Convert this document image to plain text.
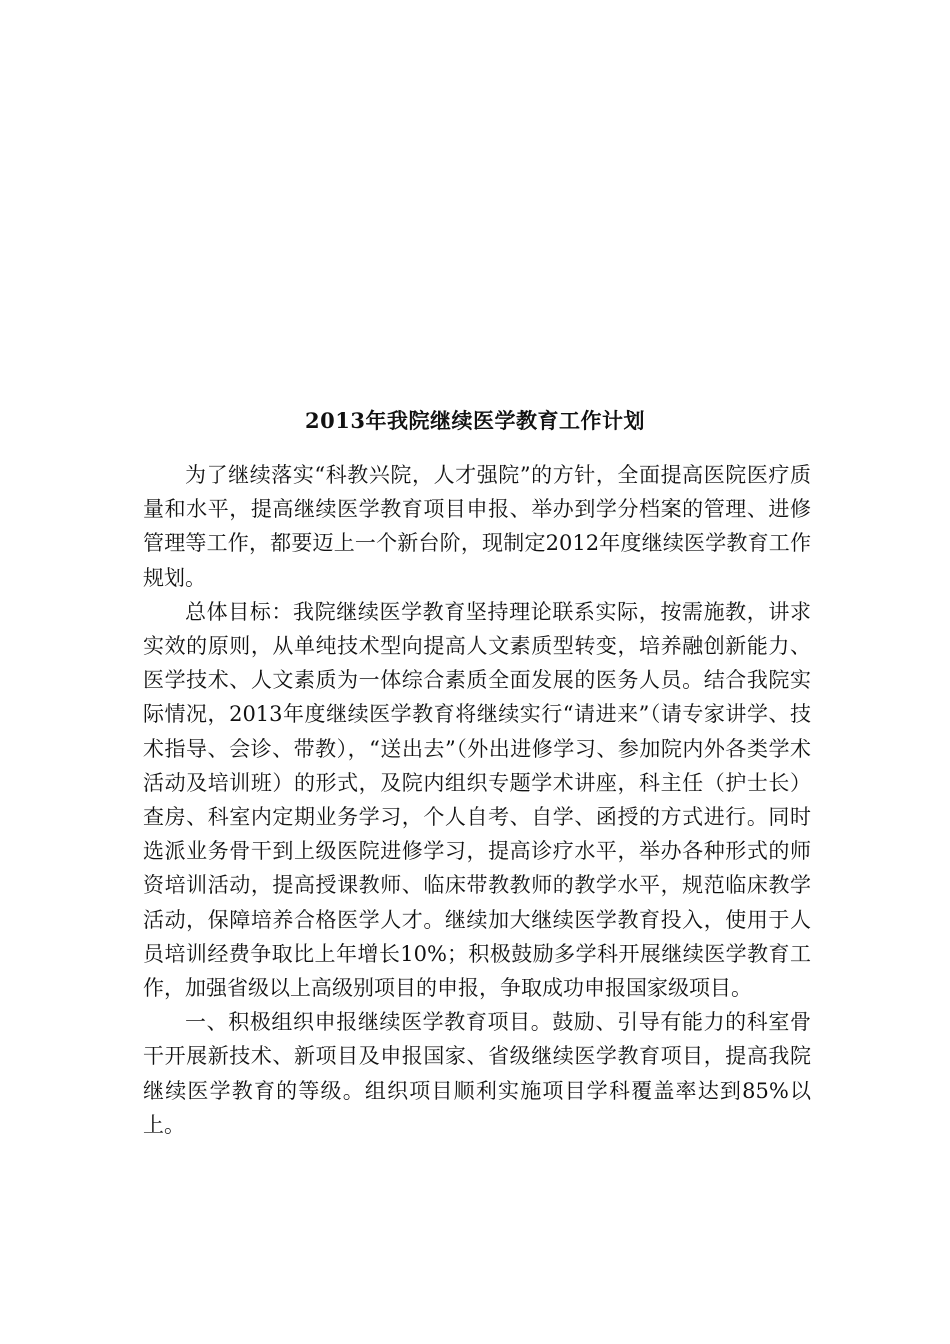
2013年我院继续医学教育工作计划

为了继续落实“科教兴院，人才强院”的方针，全面提高医院医疗质量和水平，提高继续医学教育项目申报、举办到学分档案的管理、进修管理等工作，都要迈上一个新台阶，现制定2012年度继续医学教育工作规划。

总体目标：我院继续医学教育坚持理论联系实际，按需施教，讲求实效的原则，从单纯技术型向提高人文素质型转变，培养融创新能力、医学技术、人文素质为一体综合素质全面发展的医务人员。结合我院实际情况，2013年度继续医学教育将继续实行“请进来”（请专家讲学、技术指导、会诊、带教），“送出去”（外出进修学习、参加院内外各类学术活动及培训班）的形式，及院内组织专题学术讲座，科主任（护士长）查房、科室内定期业务学习，个人自考、自学、函授的方式进行。同时选派业务骨干到上级医院进修学习，提高诊疗水平，举办各种形式的师资培训活动，提高授课教师、临床带教教师的教学水平，规范临床教学活动，保障培养合格医学人才。继续加大继续医学教育投入，使用于人员培训经费争取比上年增长10%；积极鼓励多学科开展继续医学教育工作，加强省级以上高级别项目的申报，争取成功申报国家级项目。

一、积极组织申报继续医学教育项目。鼓励、引导有能力的科室骨干开展新技术、新项目及申报国家、省级继续医学教育项目，提高我院继续医学教育的等级。组织项目顺利实施项目学科覆盖率达到85%以上。
